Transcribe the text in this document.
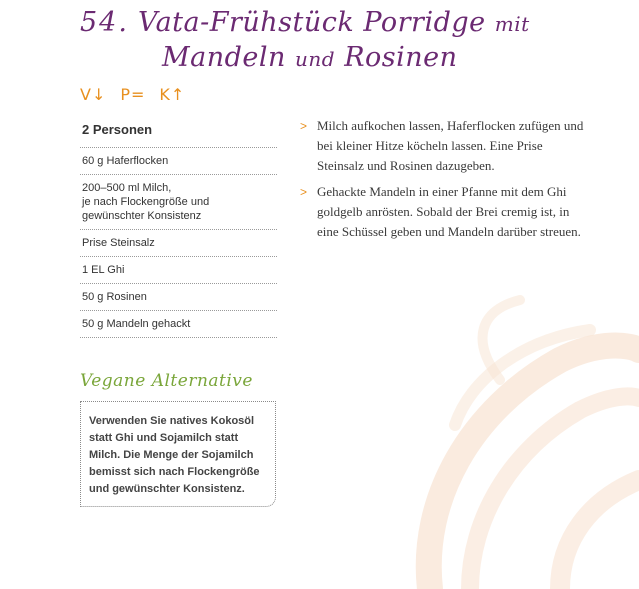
54. Vata-Frühstück Porridge mit
Mandeln und Rosinen
V↓ P= K↑
2 Personen
60 g Haferflocken
200–500 ml Milch,
je nach Flockengröße und
gewünschter Konsistenz
Prise Steinsalz
1 EL Ghi
50 g Rosinen
50 g Mandeln gehackt
> Milch aufkochen lassen, Haferflocken zufügen und bei kleiner Hitze köcheln lassen. Eine Prise Steinsalz und Rosinen dazugeben.
> Gehackte Mandeln in einer Pfanne mit dem Ghi goldgelb anrösten. Sobald der Brei cremig ist, in eine Schüssel geben und Mandeln darüber streuen.
Vegane Alternative
Verwenden Sie natives Kokosöl statt Ghi und Sojamilch statt Milch. Die Menge der Sojamilch bemisst sich nach Flockengröße und gewünschter Konsistenz.
